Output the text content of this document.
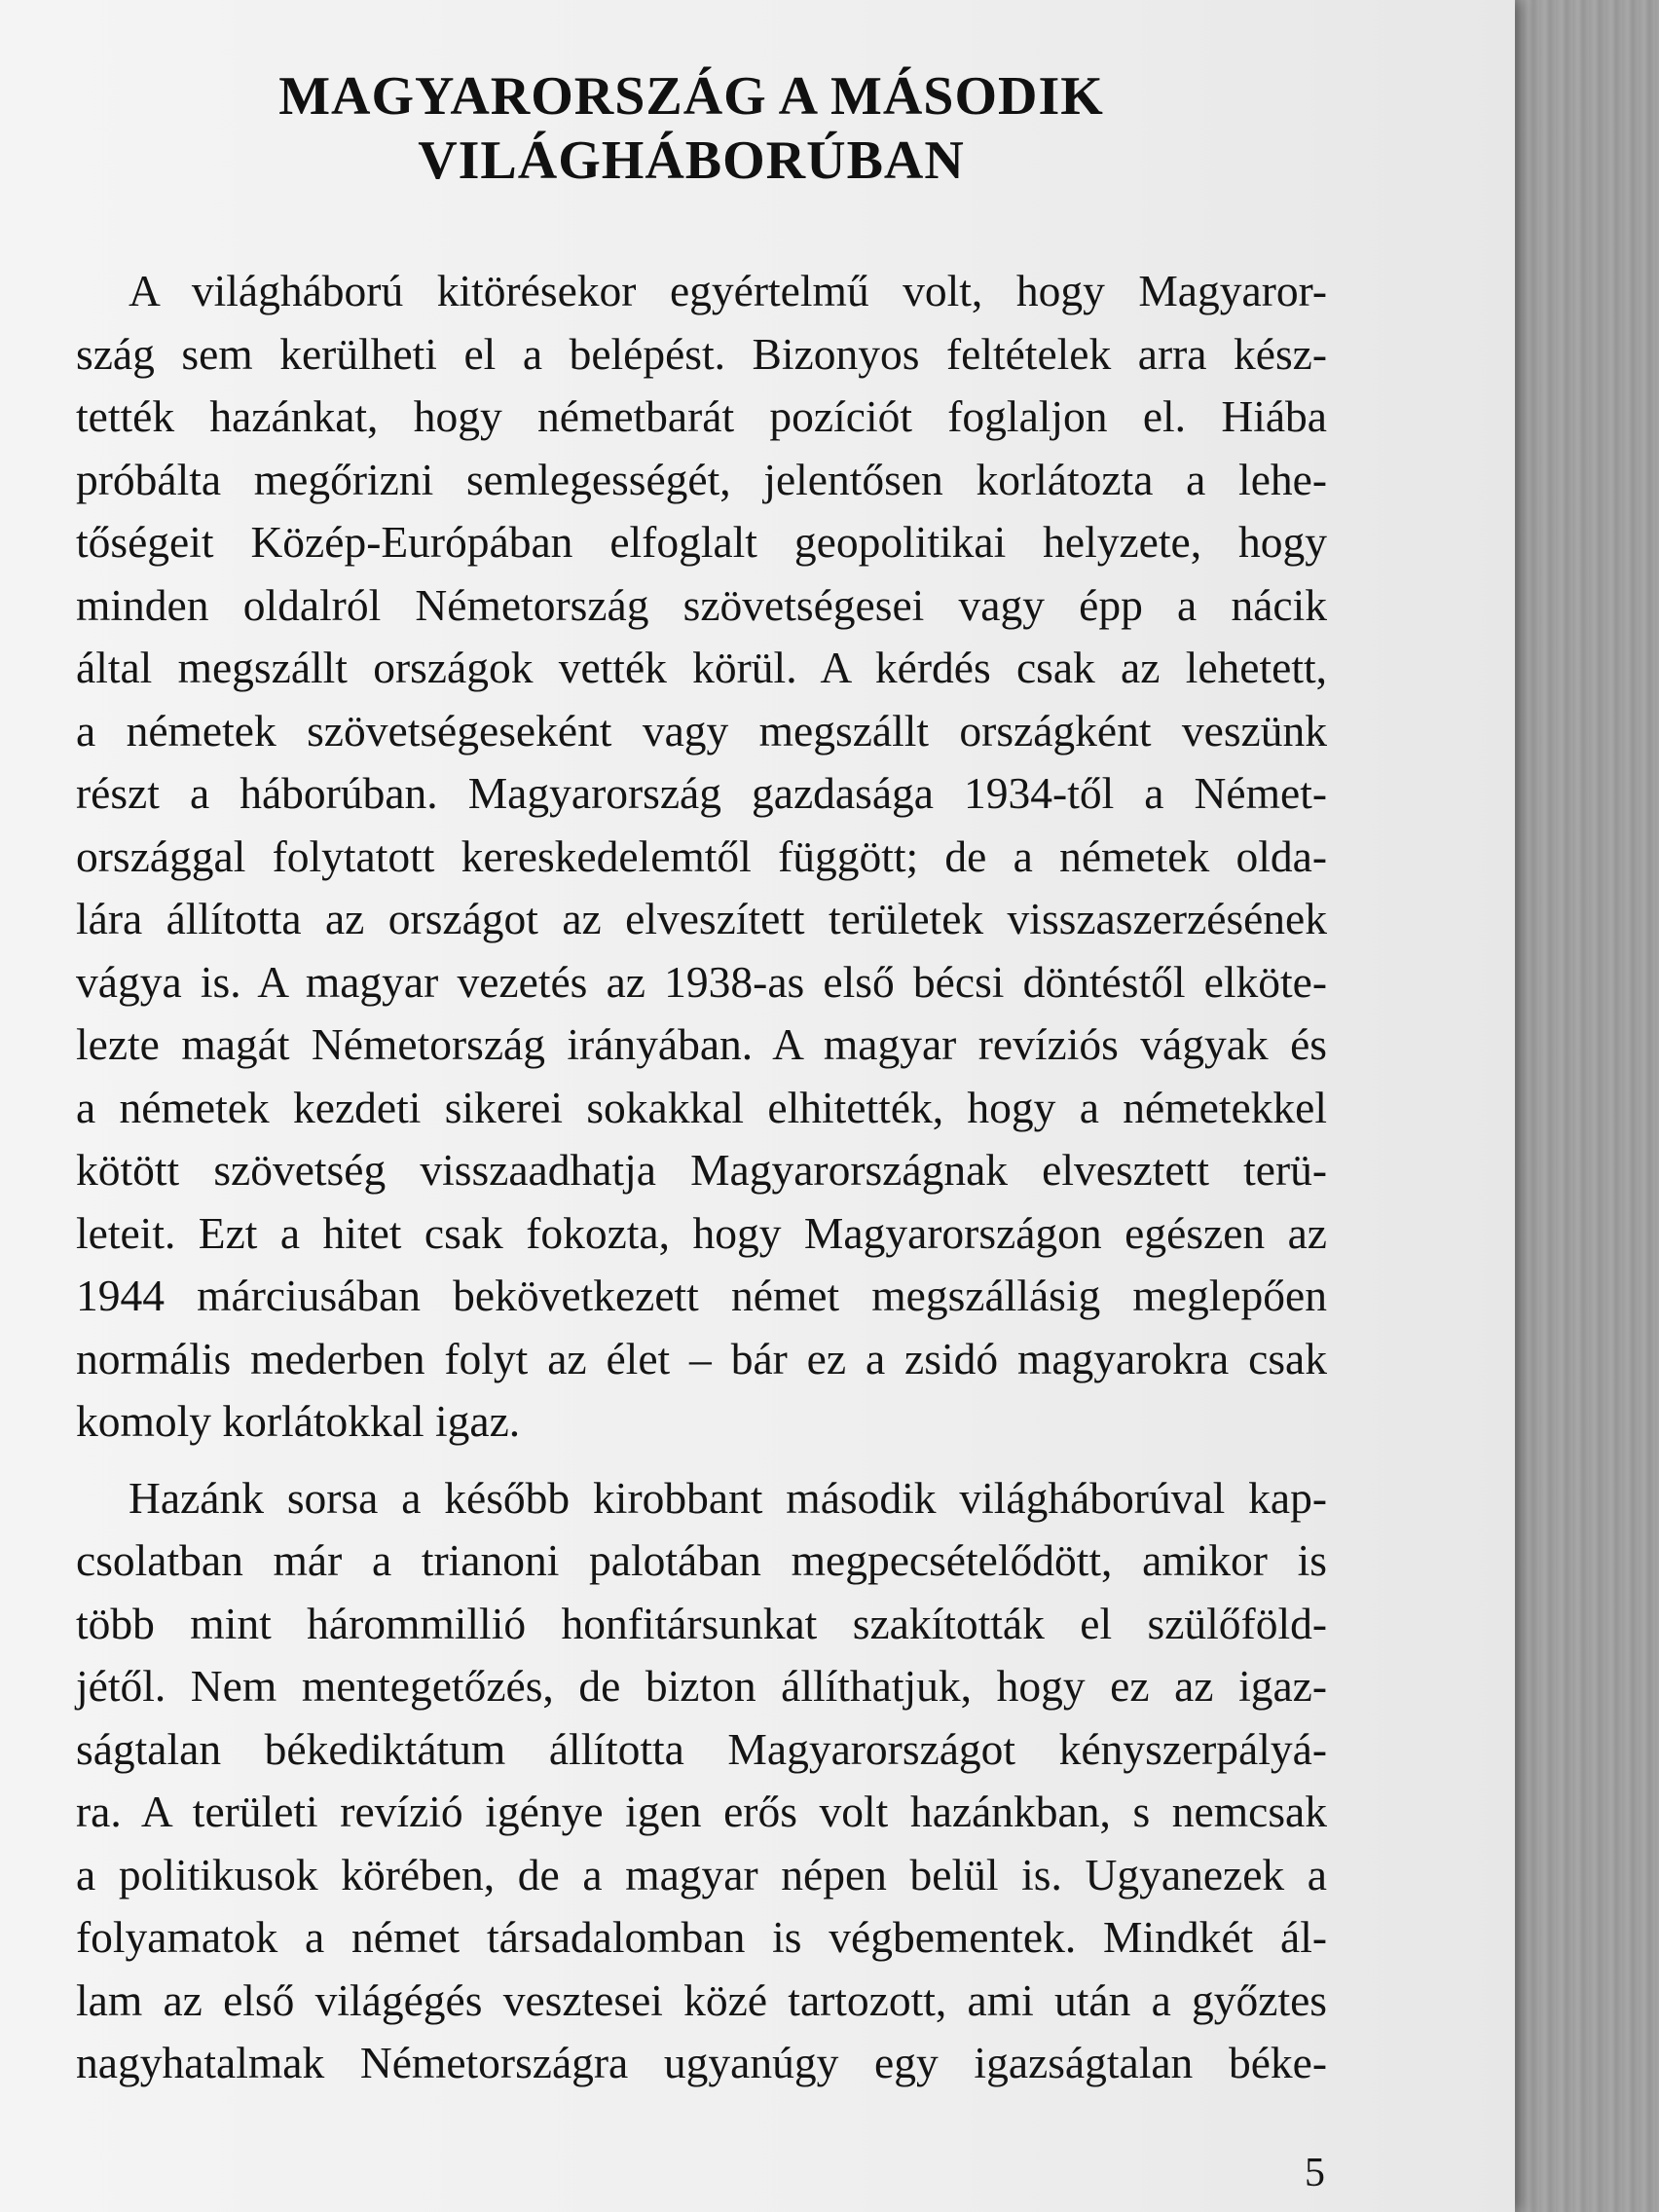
MAGYARORSZÁG A MÁSODIK
VILÁGHÁBORÚBAN
A világháború kitörésekor egyértelmű volt, hogy Magyaror-
szág sem kerülheti el a belépést. Bizonyos feltételek arra kész-
tették hazánkat, hogy németbarát pozíciót foglaljon el. Hiába
próbálta megőrizni semlegességét, jelentősen korlátozta a lehe-
tőségeit Közép-Európában elfoglalt geopolitikai helyzete, hogy
minden oldalról Németország szövetségesei vagy épp a nácik
által megszállt országok vették körül. A kérdés csak az lehetett,
a németek szövetségeseként vagy megszállt országként veszünk
részt a háborúban. Magyarország gazdasága 1934-től a Német-
országgal folytatott kereskedelemtől függött; de a németek olda-
lára állította az országot az elveszített területek visszaszerzésének
vágya is. A magyar vezetés az 1938-as első bécsi döntéstől elköte-
lezte magát Németország irányában. A magyar revíziós vágyak és
a németek kezdeti sikerei sokakkal elhitették, hogy a németekkel
kötött szövetség visszaadhatja Magyarországnak elvesztett terü-
leteit. Ezt a hitet csak fokozta, hogy Magyarországon egészen az
1944 márciusában bekövetkezett német megszállásig meglepően
normális mederben folyt az élet – bár ez a zsidó magyarokra csak
komoly korlátokkal igaz.
Hazánk sorsa a később kirobbant második világháborúval kap-
csolatban már a trianoni palotában megpecsételődött, amikor is
több mint hárommillió honfitársunkat szakították el szülőföld-
jétől. Nem mentegetőzés, de bizton állíthatjuk, hogy ez az igaz-
ságtalan békediktátum állította Magyarországot kényszerpályá-
ra. A területi revízió igénye igen erős volt hazánkban, s nemcsak
a politikusok körében, de a magyar népen belül is. Ugyanezek a
folyamatok a német társadalomban is végbementek. Mindkét ál-
lam az első világégés vesztesei közé tartozott, ami után a győztes
nagyhatalmak Németországra ugyanúgy egy igazságtalan béke-
5
